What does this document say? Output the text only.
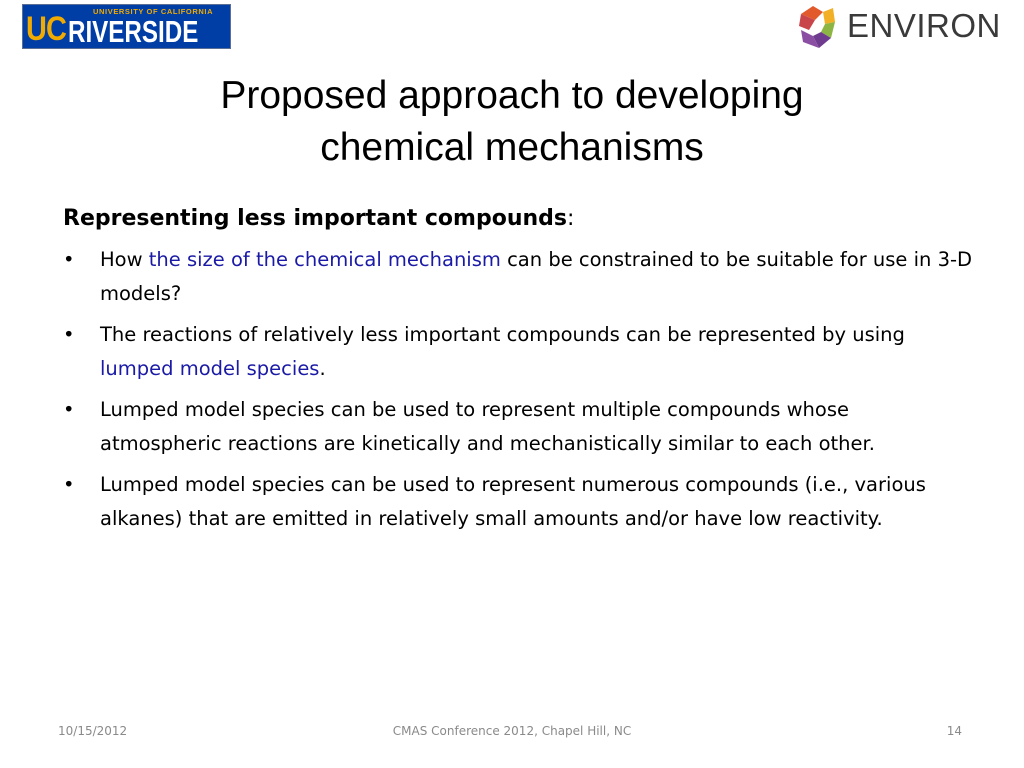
UC	UNIVERSITY OF CALIFORNIA
RIVERSIDE	ENVIRON
Proposed approach to developing
chemical mechanisms
Representing less important compounds:
• How the size of the chemical mechanism can be constrained to be suitable for use in 3-D models?
• The reactions of relatively less important compounds can be represented by using lumped model species.
• Lumped model species can be used to represent multiple compounds whose atmospheric reactions are kinetically and mechanistically similar to each other.
• Lumped model species can be used to represent numerous compounds (i.e., various alkanes) that are emitted in relatively small amounts and/or have low reactivity.
10/15/2012	CMAS Conference 2012, Chapel Hill, NC	14
